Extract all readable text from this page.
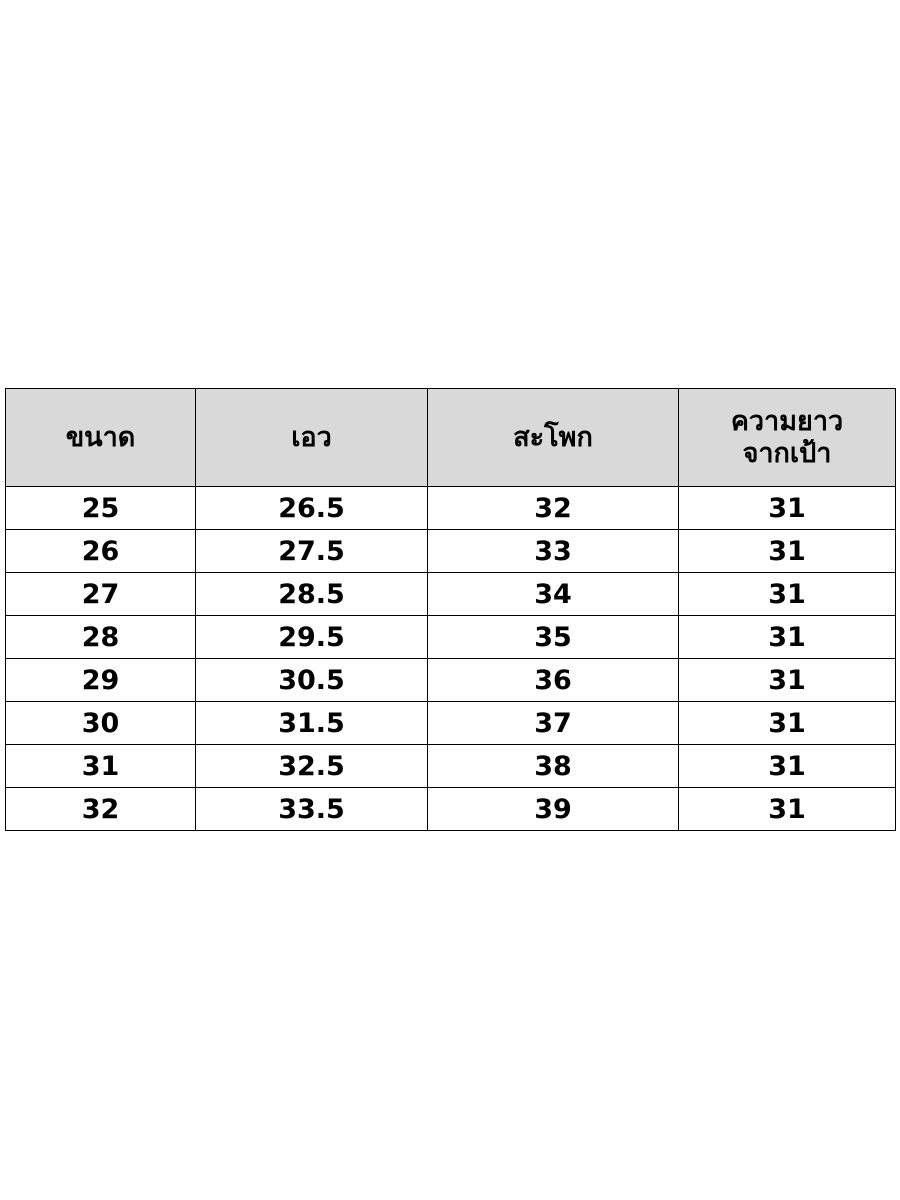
ขนาด	เอว	สะโพก	ความยาว
จากเป้า

25	26.5	32	31
26	27.5	33	31
27	28.5	34	31
28	29.5	35	31
29	30.5	36	31
30	31.5	37	31
31	32.5	38	31
32	33.5	39	31
